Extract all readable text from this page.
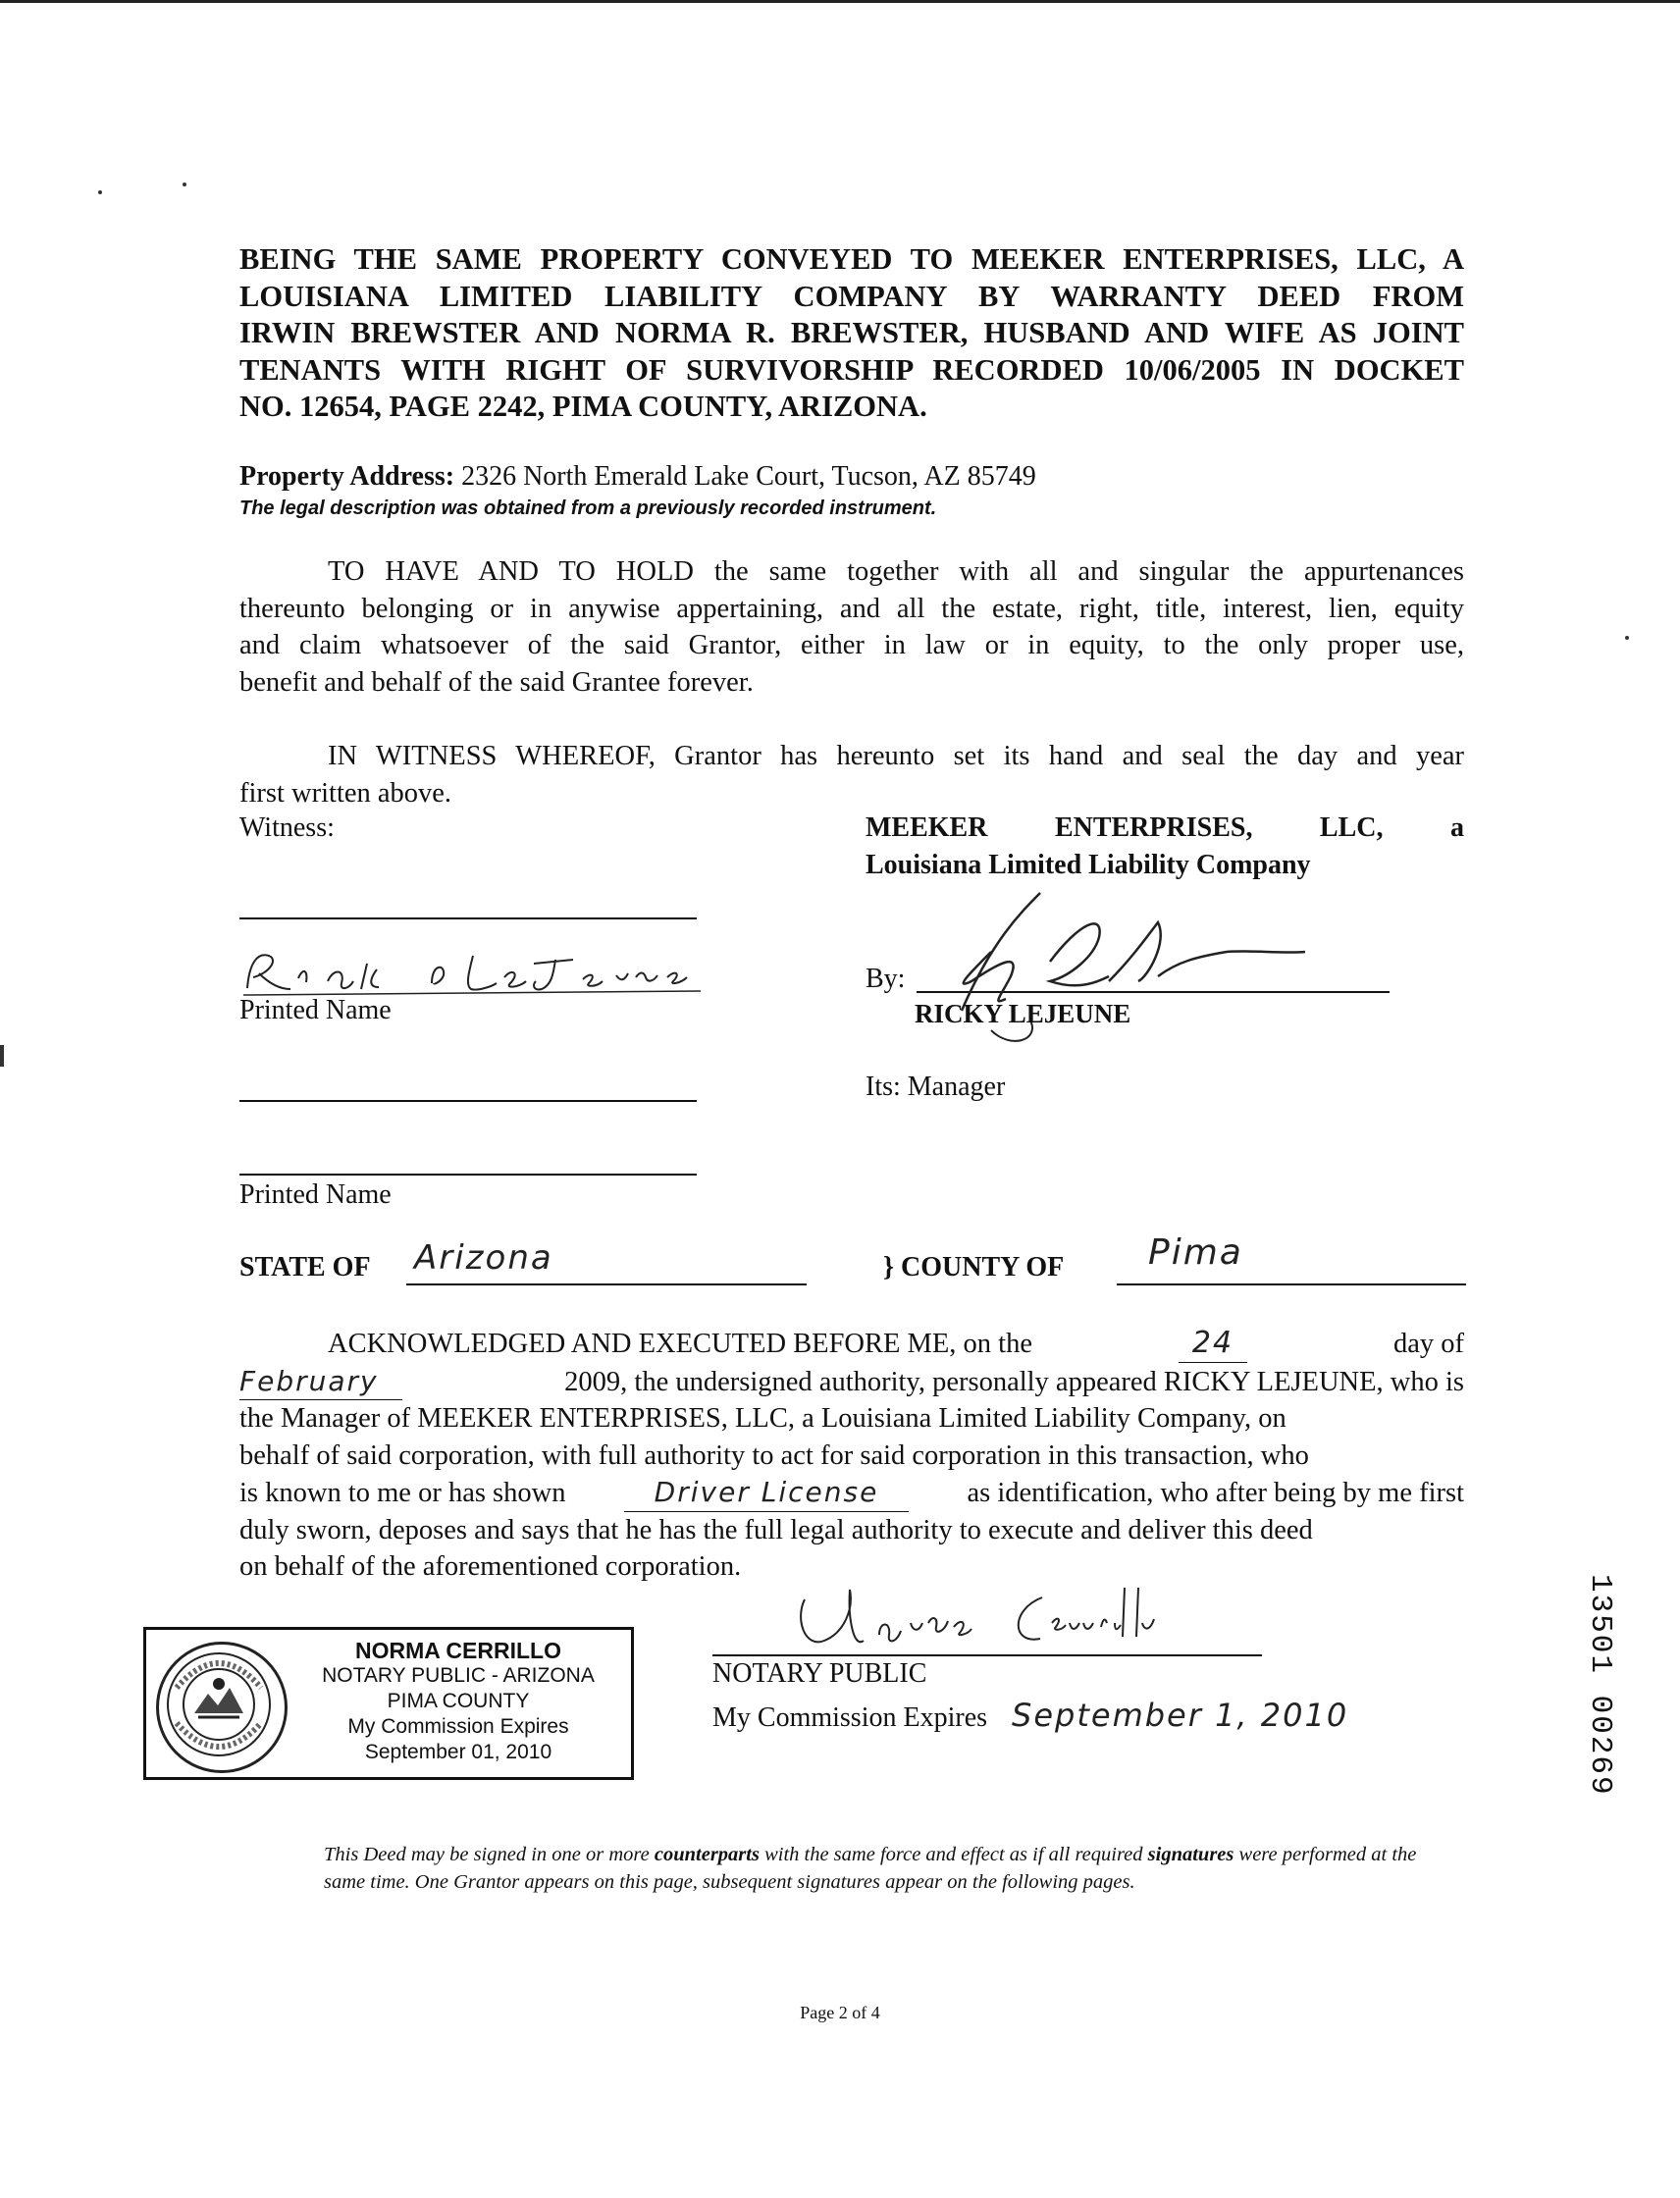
BEING THE SAME PROPERTY CONVEYED TO MEEKER ENTERPRISES, LLC, A
LOUISIANA LIMITED LIABILITY COMPANY BY WARRANTY DEED FROM
IRWIN BREWSTER AND NORMA R. BREWSTER, HUSBAND AND WIFE AS JOINT
TENANTS WITH RIGHT OF SURVIVORSHIP RECORDED 10/06/2005 IN DOCKET
NO. 12654, PAGE 2242, PIMA COUNTY, ARIZONA.
Property Address: 2326 North Emerald Lake Court, Tucson, AZ 85749
The legal description was obtained from a previously recorded instrument.
TO HAVE AND TO HOLD the same together with all and singular the appurtenances
thereunto belonging or in anywise appertaining, and all the estate, right, title, interest, lien, equity
and claim whatsoever of the said Grantor, either in law or in equity, to the only proper use,
benefit and behalf of the said Grantee forever.
IN WITNESS WHEREOF, Grantor has hereunto set its hand and seal the day and year
first written above.
Witness:	MEEKER ENTERPRISES, LLC, a
Louisiana Limited Liability Company
Printed Name
Printed Name
By:
RICKY LEJEUNE
Its: Manager
STATE OF Arizona	} COUNTY OF Pima
ACKNOWLEDGED AND EXECUTED BEFORE ME, on the	24	day of
February	2009, the undersigned authority, personally appeared RICKY LEJEUNE, who is
the Manager of MEEKER ENTERPRISES, LLC, a Louisiana Limited Liability Company, on
behalf of said corporation, with full authority to act for said corporation in this transaction, who
is known to me or has shown	Driver License	as identification, who after being by me first
duly sworn, deposes and says that he has the full legal authority to execute and deliver this deed
on behalf of the aforementioned corporation.
NORMA CERRILLO
NOTARY PUBLIC - ARIZONA
PIMA COUNTY
My Commission Expires
September 01, 2010
NOTARY PUBLIC
My Commission Expires September 1, 2010	13501 00269
This Deed may be signed in one or more counterparts with the same force and effect as if all required signatures were performed at the same time. One Grantor appears on this page, subsequent signatures appear on the following pages.
Page 2 of 4
